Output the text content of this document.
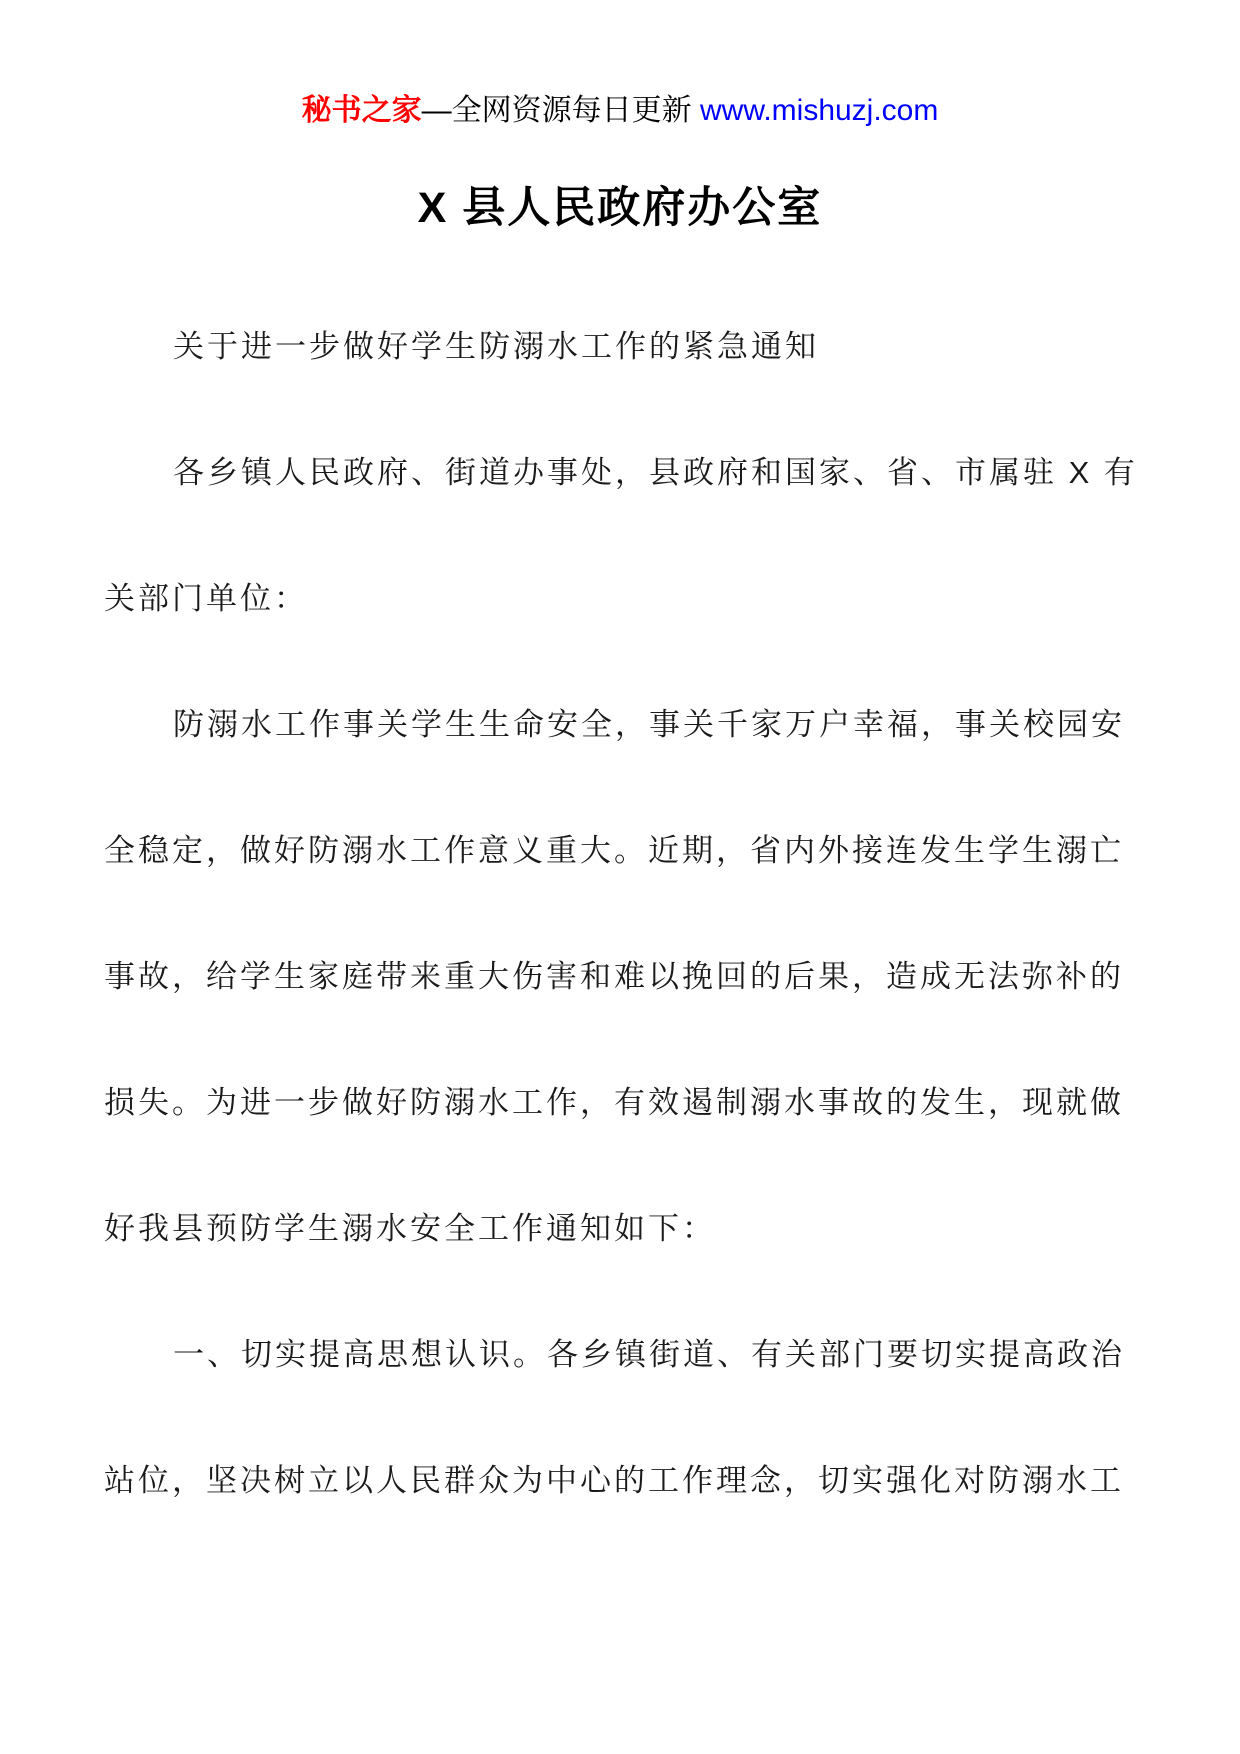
秘书之家—全网资源每日更新 www.mishuzj.com
X 县人民政府办公室
关于进一步做好学生防溺水工作的紧急通知
各乡镇人民政府、街道办事处，县政府和国家、省、市属驻 X 有
关部门单位：
防溺水工作事关学生生命安全，事关千家万户幸福，事关校园安
全稳定，做好防溺水工作意义重大。近期，省内外接连发生学生溺亡
事故，给学生家庭带来重大伤害和难以挽回的后果，造成无法弥补的
损失。为进一步做好防溺水工作，有效遏制溺水事故的发生，现就做
好我县预防学生溺水安全工作通知如下：
一、切实提高思想认识。各乡镇街道、有关部门要切实提高政治
站位，坚决树立以人民群众为中心的工作理念，切实强化对防溺水工
